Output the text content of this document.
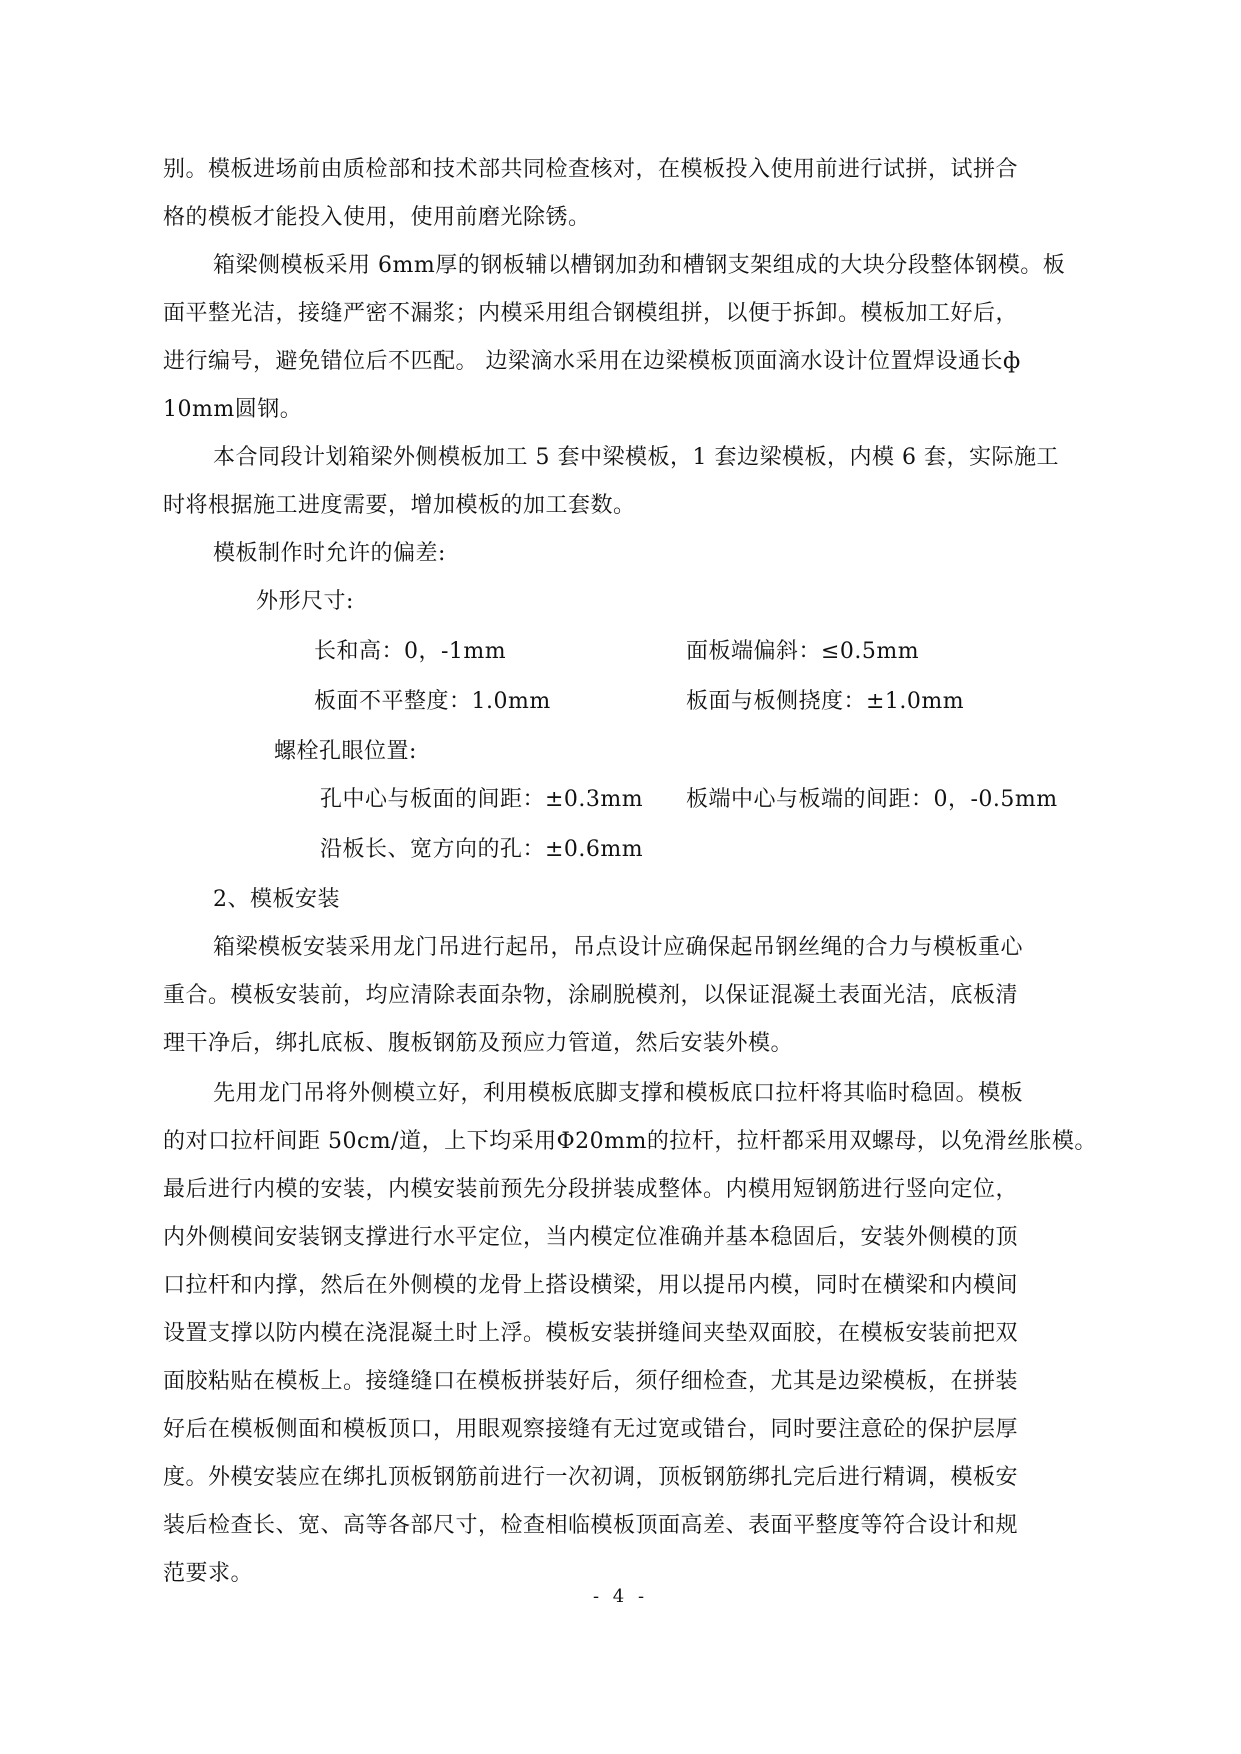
别。模板进场前由质检部和技术部共同检查核对，在模板投入使用前进行试拼，试拼合
格的模板才能投入使用，使用前磨光除锈。
箱梁侧模板采用 6mm厚的钢板辅以槽钢加劲和槽钢支架组成的大块分段整体钢模。板
面平整光洁，接缝严密不漏浆；内模采用组合钢模组拼，以便于拆卸。模板加工好后，
进行编号，避免错位后不匹配。 边梁滴水采用在边梁模板顶面滴水设计位置焊设通长ф
10mm圆钢。
本合同段计划箱梁外侧模板加工 5 套中梁模板，1 套边梁模板，内模 6 套，实际施工
时将根据施工进度需要，增加模板的加工套数。
模板制作时允许的偏差:
外形尺寸:
长和高：0，-1mm	面板端偏斜：≤0.5mm
板面不平整度：1.0mm	板面与板侧挠度：±1.0mm
螺栓孔眼位置:
孔中心与板面的间距：±0.3mm 板端中心与板端的间距：0，-0.5mm
沿板长、宽方向的孔：±0.6mm
2、模板安装
箱梁模板安装采用龙门吊进行起吊，吊点设计应确保起吊钢丝绳的合力与模板重心
重合。模板安装前，均应清除表面杂物，涂刷脱模剂，以保证混凝土表面光洁，底板清
理干净后，绑扎底板、腹板钢筋及预应力管道，然后安装外模。
先用龙门吊将外侧模立好，利用模板底脚支撑和模板底口拉杆将其临时稳固。模板
的对口拉杆间距 50cm/道，上下均采用Φ20mm的拉杆，拉杆都采用双螺母，以免滑丝胀模。
最后进行内模的安装，内模安装前预先分段拼装成整体。内模用短钢筋进行竖向定位，
内外侧模间安装钢支撑进行水平定位，当内模定位准确并基本稳固后，安装外侧模的顶
口拉杆和内撑，然后在外侧模的龙骨上搭设横梁，用以提吊内模，同时在横梁和内模间
设置支撑以防内模在浇混凝土时上浮。模板安装拼缝间夹垫双面胶，在模板安装前把双
面胶粘贴在模板上。接缝缝口在模板拼装好后，须仔细检查，尤其是边梁模板，在拼装
好后在模板侧面和模板顶口，用眼观察接缝有无过宽或错台，同时要注意砼的保护层厚
度。外模安装应在绑扎顶板钢筋前进行一次初调，顶板钢筋绑扎完后进行精调，模板安
装后检查长、宽、高等各部尺寸，检查相临模板顶面高差、表面平整度等符合设计和规
范要求。
- 4 -
